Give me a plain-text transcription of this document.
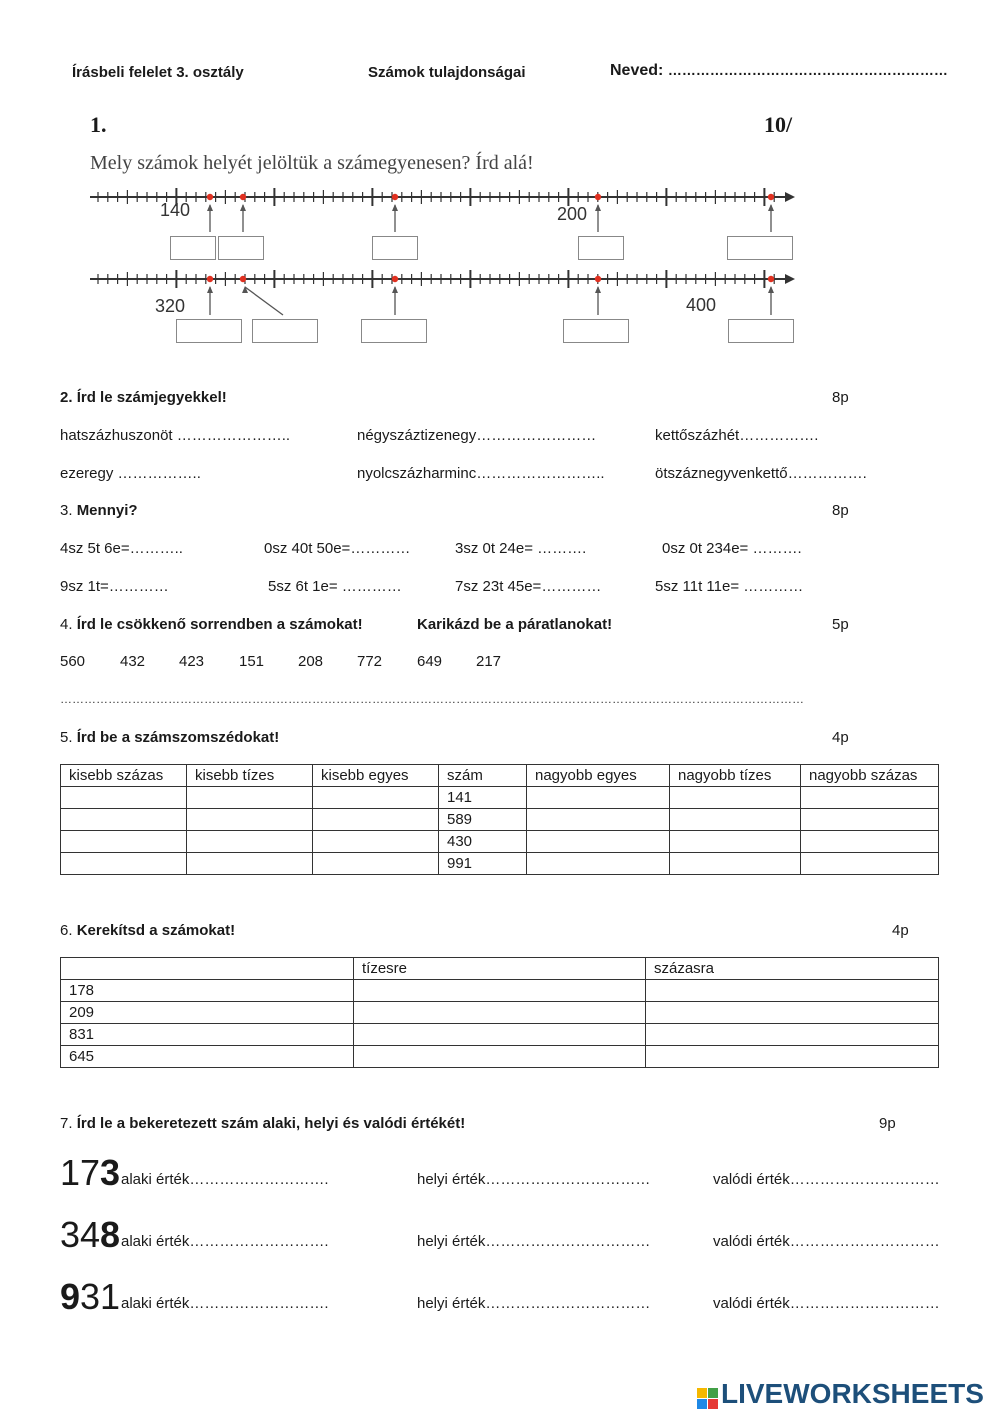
Írásbeli felelet 3. osztály	Számok tulajdonságai	Neved: ……………………………………………………
1.	10/
Mely számok helyét jelöltük a számegyenesen? Írd alá!
140	200
320	400
2. Írd le számjegyekkel!	8p
hatszázhuszonöt …………………..	négyszáztizenegy……………………	kettőszázhét…………….
ezeregy ……………..	nyolcszázharminc……………………..	ötszáznegyvenkettő…………….
3. Mennyi?	8p
4sz 5t 6e=………..	0sz 40t 50e=…………	3sz 0t 24e= ……….	0sz 0t 234e= ……….
9sz 1t=…………	5sz 6t 1e= …………	7sz 23t 45e=…………	5sz 11t 11e= …………
4. Írd le csökkenő sorrendben a számokat!	Karikázd be a páratlanokat!	5p
560 432 423 151 208 772 649 217
……………………………………………………………………………………………………………………………………………………………………
5. Írd be a számszomszédokat!	4p
kisebb százas	kisebb tízes	kisebb egyes	szám	nagyobb egyes	nagyobb tízes	nagyobb százas
			141			
			589			
			430			
			991			
6. Kerekítsd a számokat!	4p
	tízesre	százasra
178		
209		
831		
645		
7. Írd le a bekeretezett szám alaki, helyi és valódi értékét!	9p
173 alaki érték……………………….	helyi érték……………………………	valódi érték…………………………
348 alaki érték……………………….	helyi érték……………………………	valódi érték…………………………
931 alaki érték……………………….	helyi érték……………………………	valódi érték…………………………
LIVEWORKSHEETS
